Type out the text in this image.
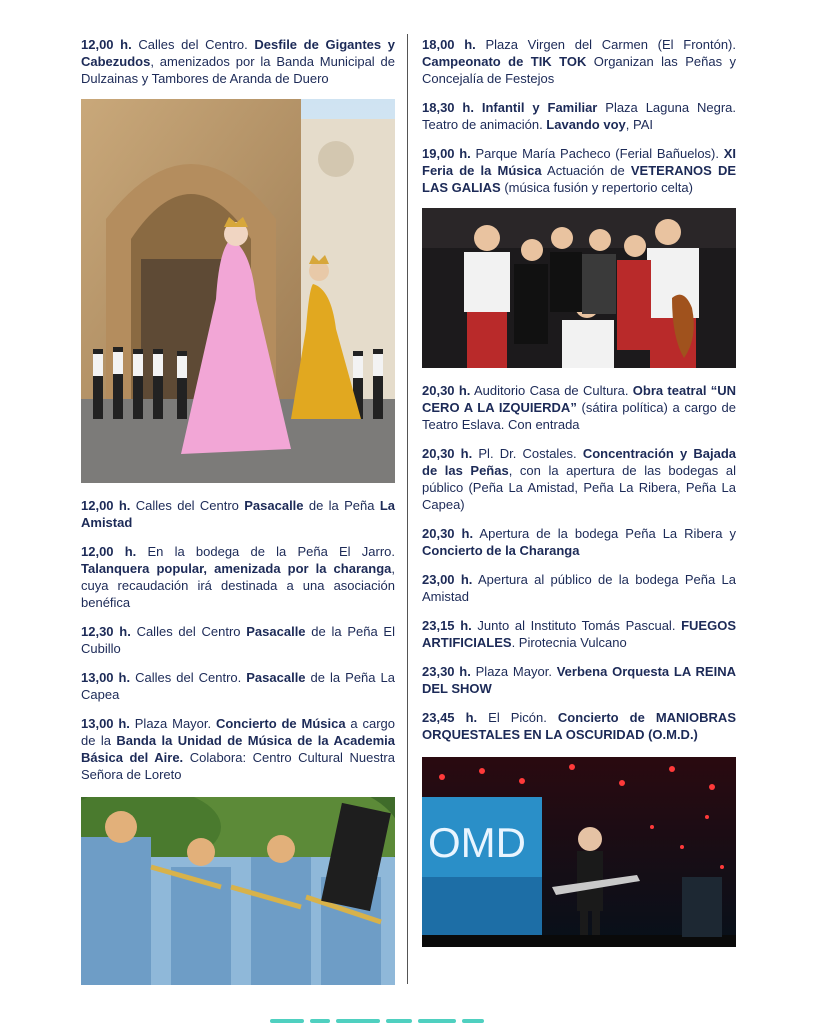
12,00 h. Calles del Centro. Desfile de Gigantes y Cabezudos, amenizados por la Banda Municipal de Dulzainas y Tambores de Aranda de Duero

12,00 h. Calles del Centro Pasacalle de la Peña La Amistad

12,00 h. En la bodega de la Peña El Jarro. Talanquera popular, amenizada por la charanga, cuya recaudación irá destinada a una asociación benéfica

12,30 h. Calles del Centro Pasacalle de la Peña El Cubillo

13,00 h. Calles del Centro. Pasacalle de la Peña La Capea

13,00 h. Plaza Mayor. Concierto de Música a cargo de la Banda la Unidad de Música de la Academia Básica del Aire. Colabora: Centro Cultural Nuestra Señora de Loreto

18,00 h. Plaza Virgen del Carmen (El Frontón). Campeonato de TIK TOK Organizan las Peñas y Concejalía de Festejos

18,30 h. Infantil y Familiar Plaza Laguna Negra. Teatro de animación. Lavando voy, PAI

19,00 h. Parque María Pacheco (Ferial Bañuelos). XI Feria de la Música Actuación de VETERANOS DE LAS GALIAS (música fusión y repertorio celta)

20,30 h. Auditorio Casa de Cultura. Obra teatral “UN CERO A LA IZQUIERDA” (sátira política) a cargo de Teatro Eslava. Con entrada

20,30 h. Pl. Dr. Costales. Concentración y Bajada de las Peñas, con la apertura de las bodegas al público (Peña La Amistad, Peña La Ribera, Peña La Capea)

20,30 h. Apertura de la bodega Peña La Ribera y Concierto de la Charanga

23,00 h. Apertura al público de la bodega Peña La Amistad

23,15 h. Junto al Instituto Tomás Pascual. FUEGOS ARTIFICIALES. Pirotecnia Vulcano

23,30 h. Plaza Mayor. Verbena Orquesta LA REINA DEL SHOW

23,45 h. El Picón. Concierto de MANIOBRAS ORQUESTALES EN LA OSCURIDAD (O.M.D.)

OMD
